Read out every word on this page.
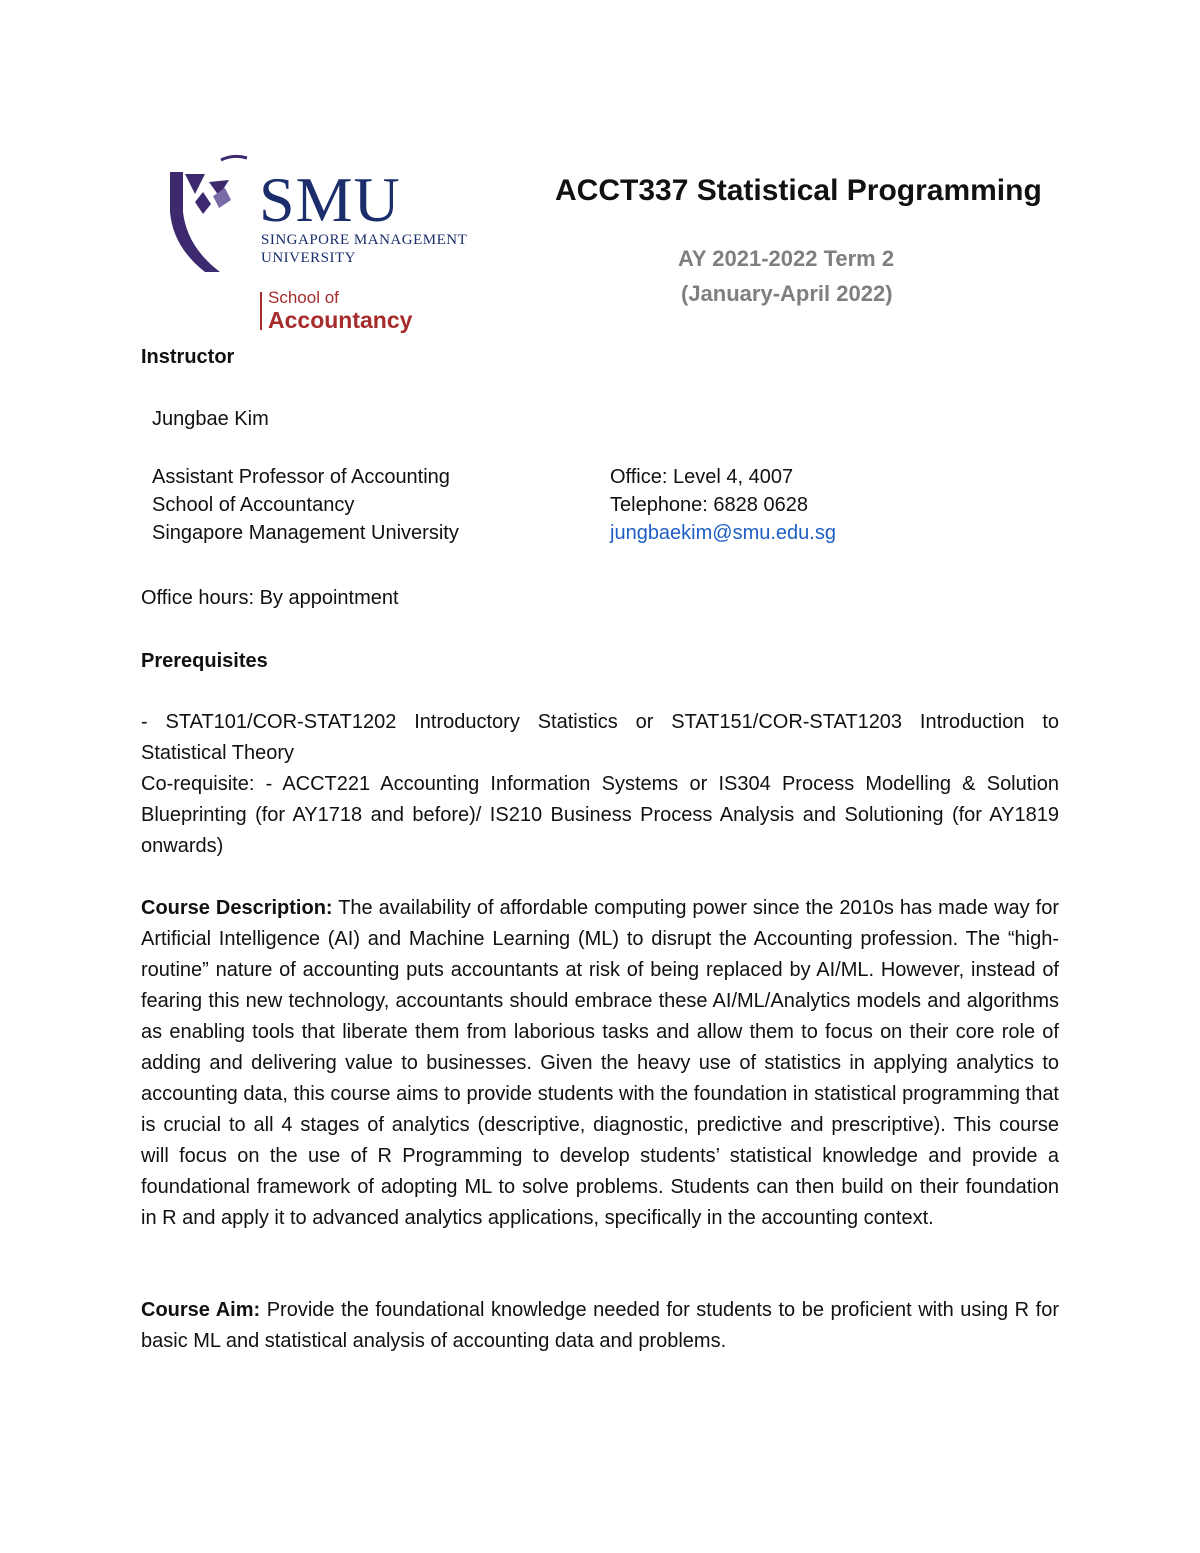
SMU
SINGAPORE MANAGEMENT
UNIVERSITY
School of
Accountancy
ACCT337 Statistical Programming
AY 2021-2022 Term 2
(January-April 2022)
Instructor
Jungbae Kim
Assistant Professor of Accounting
School of Accountancy
Singapore Management University
Office: Level 4, 4007
Telephone: 6828 0628
jungbaekim@smu.edu.sg
Office hours: By appointment
Prerequisites
- STAT101/COR-STAT1202 Introductory Statistics or STAT151/COR-STAT1203 Introduction to Statistical Theory
Co-requisite: - ACCT221 Accounting Information Systems or IS304 Process Modelling & Solution Blueprinting (for AY1718 and before)/ IS210 Business Process Analysis and Solutioning (for AY1819 onwards)
Course Description: The availability of affordable computing power since the 2010s has made way for Artificial Intelligence (AI) and Machine Learning (ML) to disrupt the Accounting profession. The “high-routine” nature of accounting puts accountants at risk of being replaced by AI/ML. However, instead of fearing this new technology, accountants should embrace these AI/ML/Analytics models and algorithms as enabling tools that liberate them from laborious tasks and allow them to focus on their core role of adding and delivering value to businesses. Given the heavy use of statistics in applying analytics to accounting data, this course aims to provide students with the foundation in statistical programming that is crucial to all 4 stages of analytics (descriptive, diagnostic, predictive and prescriptive). This course will focus on the use of R Programming to develop students’ statistical knowledge and provide a foundational framework of adopting ML to solve problems. Students can then build on their foundation in R and apply it to advanced analytics applications, specifically in the accounting context.
Course Aim: Provide the foundational knowledge needed for students to be proficient with using R for basic ML and statistical analysis of accounting data and problems.
